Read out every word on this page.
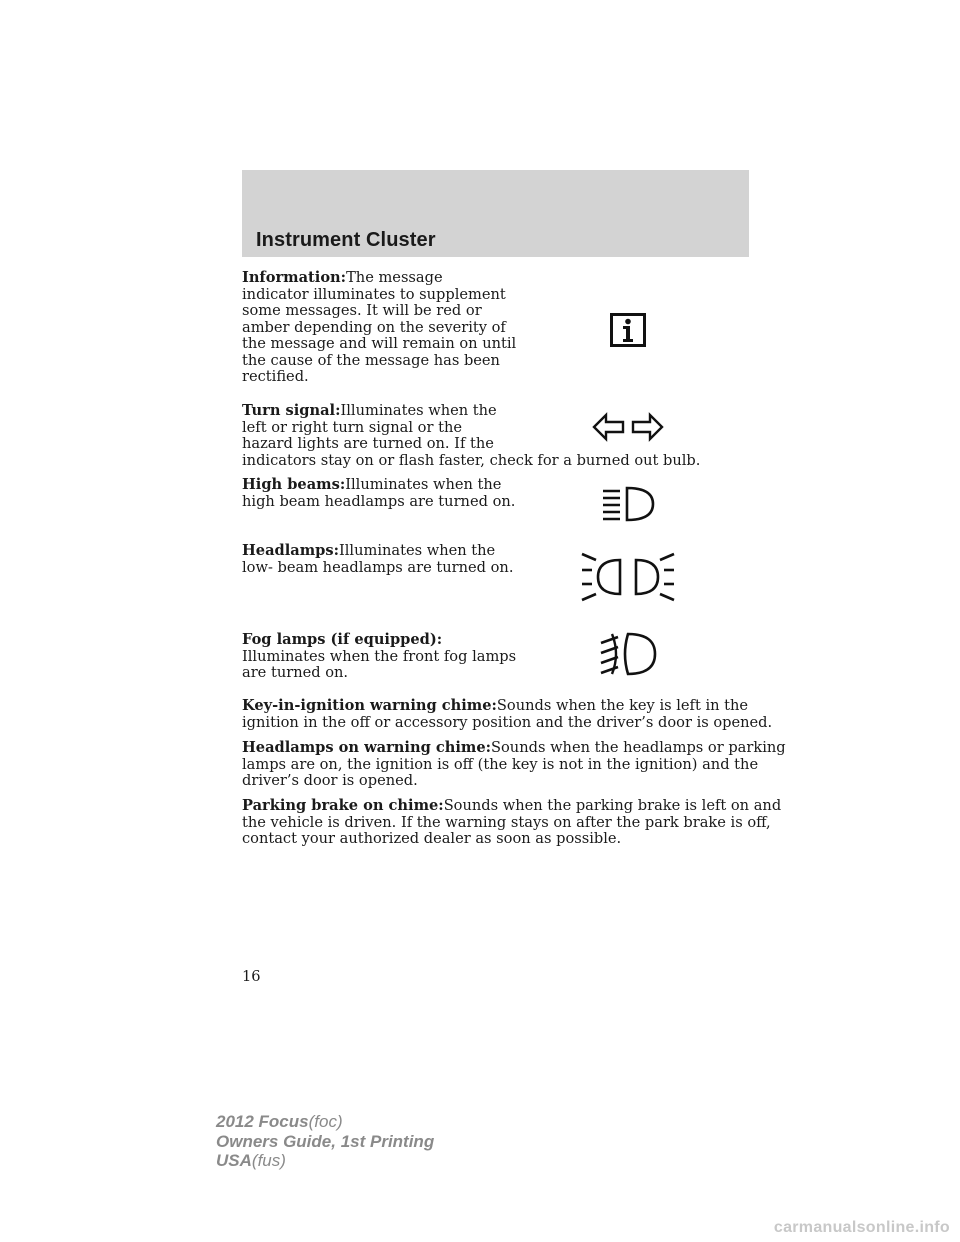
Instrument Cluster

Information:The message
indicator illuminates to supplement
some messages. It will be red or
amber depending on the severity of
the message and will remain on until
the cause of the message has been
rectified.

Turn signal:Illuminates when the
left or right turn signal or the
hazard lights are turned on. If the
indicators stay on or flash faster, check for a burned out bulb.

High beams:Illuminates when the
high beam headlamps are turned on.

Headlamps:Illuminates when the
low- beam headlamps are turned on.

Fog lamps (if equipped):
Illuminates when the front fog lamps
are turned on.

Key-in-ignition warning chime:Sounds when the key is left in the
ignition in the off or accessory position and the driver’s door is opened.

Headlamps on warning chime:Sounds when the headlamps or parking
lamps are on, the ignition is off (the key is not in the ignition) and the
driver’s door is opened.

Parking brake on chime:Sounds when the parking brake is left on and
the vehicle is driven. If the warning stays on after the park brake is off,
contact your authorized dealer as soon as possible.

16
2012 Focus(foc)
Owners Guide, 1st Printing
USA(fus)
carmanualsonline.info
